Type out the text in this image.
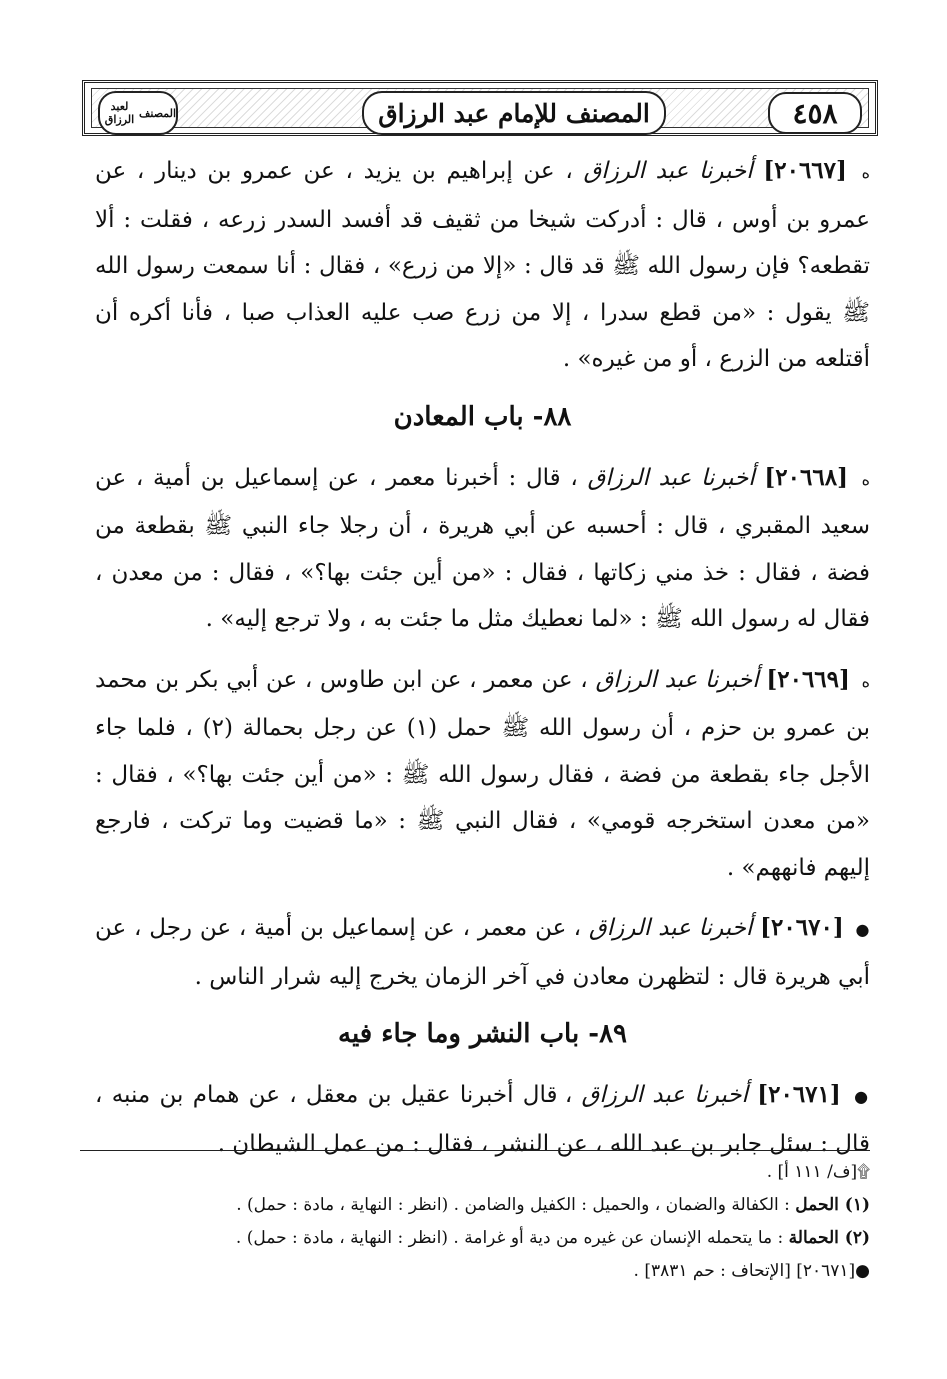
٤٥٨
المصنف للإمام عبد الرزاق
المصنف
لعبد الرزاق

ه [٢٠٦٦٧] أخبرنا عبد الرزاق ، عن إبراهيم بن يزيد ، عن عمرو بن دينار ، عن عمرو بن أوس ، قال : أدركت شيخا من ثقيف قد أفسد السدر زرعه ، فقلت : ألا تقطعه؟ فإن رسول الله ﷺ قد قال : «إلا من زرع» ، فقال : أنا سمعت رسول الله ﷺ يقول : «من قطع سدرا ، إلا من زرع صب عليه العذاب صبا ، فأنا أكره أن أقتلعه من الزرع ، أو من غيره» .

٨٨- باب المعادن

ه [٢٠٦٦٨] أخبرنا عبد الرزاق ، قال : أخبرنا معمر ، عن إسماعيل بن أمية ، عن سعيد المقبري ، قال : أحسبه عن أبي هريرة ، أن رجلا جاء النبي ﷺ بقطعة من فضة ، فقال : خذ مني زكاتها ، فقال : «من أين جئت بها؟» ، فقال : من معدن ، فقال له رسول الله ﷺ : «لما نعطيك مثل ما جئت به ، ولا ترجع إليه» .

ه [٢٠٦٦٩] أخبرنا عبد الرزاق ، عن معمر ، عن ابن طاوس ، عن أبي بكر بن محمد بن عمرو بن حزم ، أن رسول الله ﷺ حمل (١) عن رجل بحمالة (٢) ، فلما جاء الأجل جاء بقطعة من فضة ، فقال رسول الله ﷺ : «من أين جئت بها؟» ، فقال : «من معدن استخرجه قومي» ، فقال النبي ﷺ : «ما قضيت وما تركت ، فارجع إليهم فانههم» .

● [٢٠٦٧٠] أخبرنا عبد الرزاق ، عن معمر ، عن إسماعيل بن أمية ، عن رجل ، عن أبي هريرة قال : لتظهرن معادن في آخر الزمان يخرج إليه شرار الناس .

٨٩- باب النشر وما جاء فيه

● [٢٠٦٧١] أخبرنا عبد الرزاق ، قال أخبرنا عقيل بن معقل ، عن همام بن منبه ، قال : سئل جابر بن عبد الله ، عن النشر ، فقال : من عمل الشيطان .

۩[ف/ ١١١ أ] .

(١) الحمل : الكفالة والضمان ، والحميل : الكفيل والضامن . (انظر : النهاية ، مادة : حمل) .

(٢) الحمالة : ما يتحمله الإنسان عن غيره من دية أو غرامة . (انظر : النهاية ، مادة : حمل) .

●[٢٠٦٧١] [الإتحاف : حم ٣٨٣١] .
